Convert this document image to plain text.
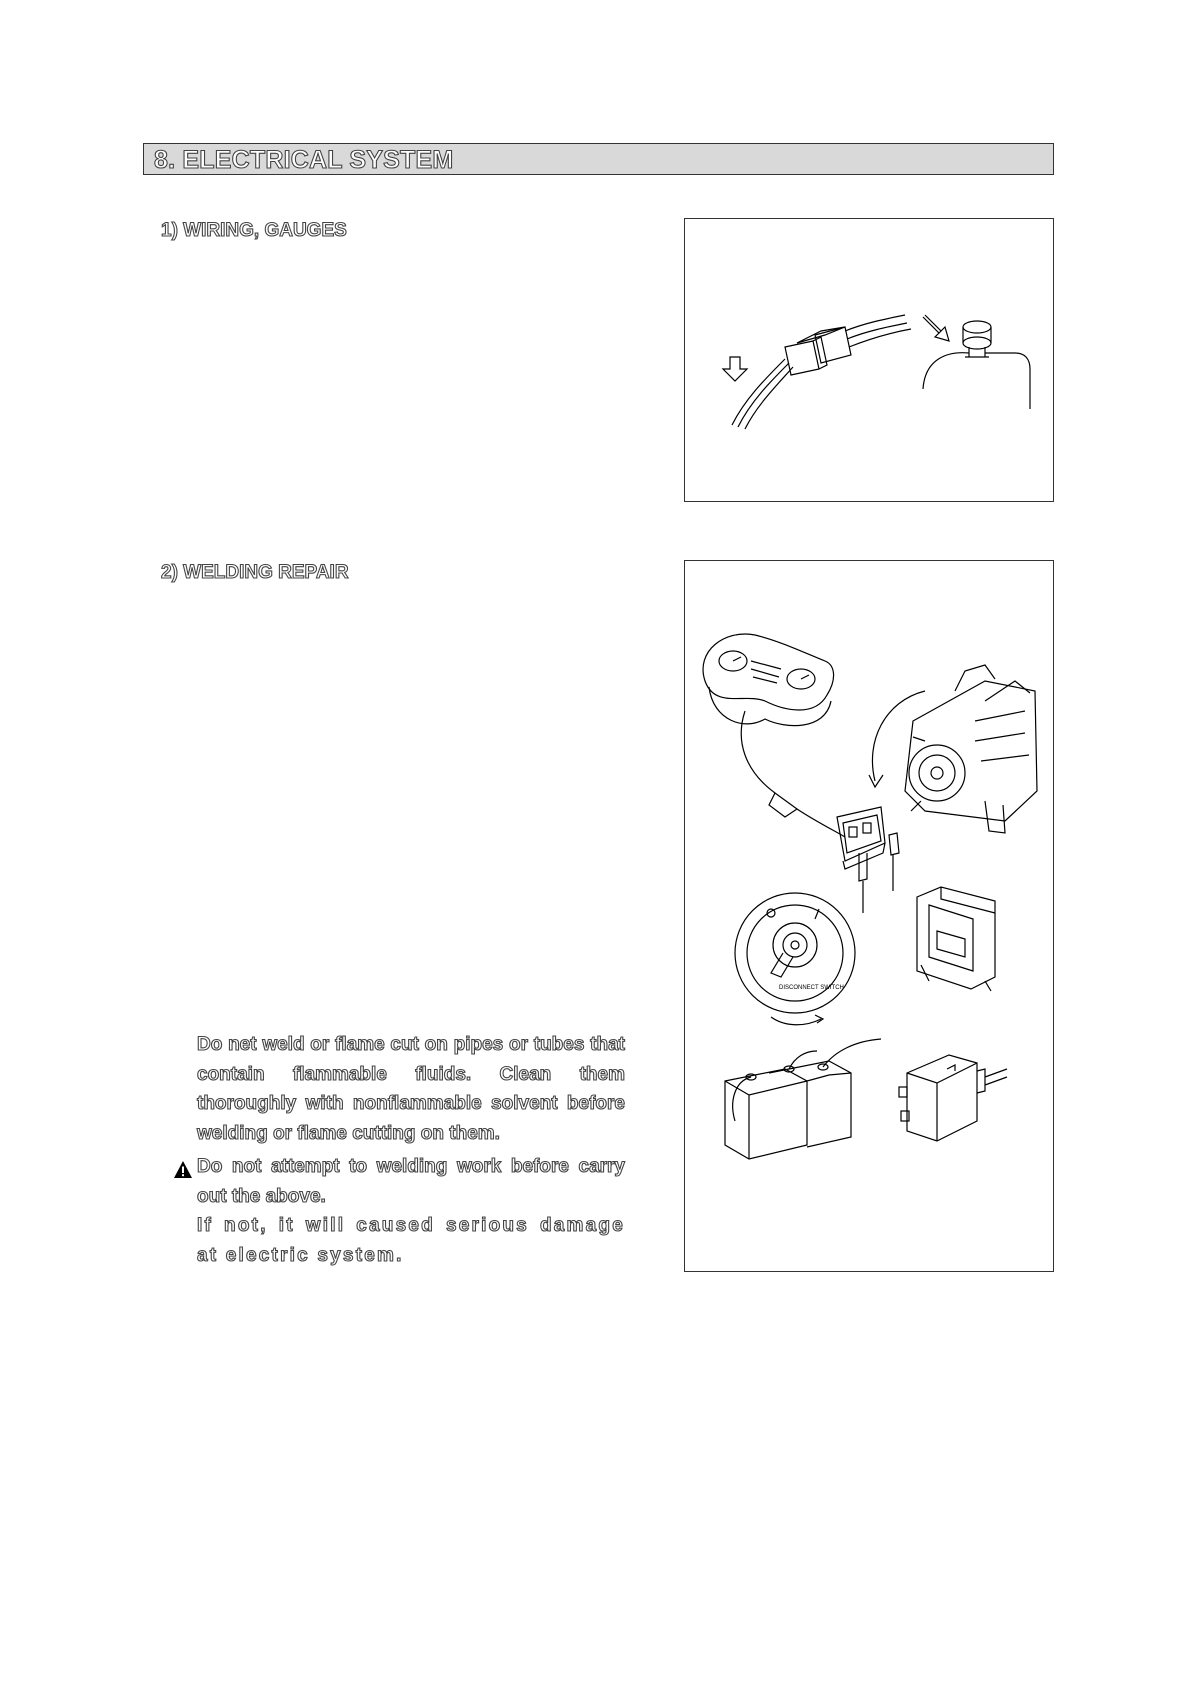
8. ELECTRICAL SYSTEM
1) WIRING, GAUGES
2) WELDING REPAIR
Do net weld or flame cut on pipes or tubes that contain flammable fluids. Clean them thoroughly with nonflammable solvent before welding or flame cutting on them.
Do not attempt to welding work before carry out the above.
If not, it will caused serious damage at electric system.
DISCONNECT SWITCH
